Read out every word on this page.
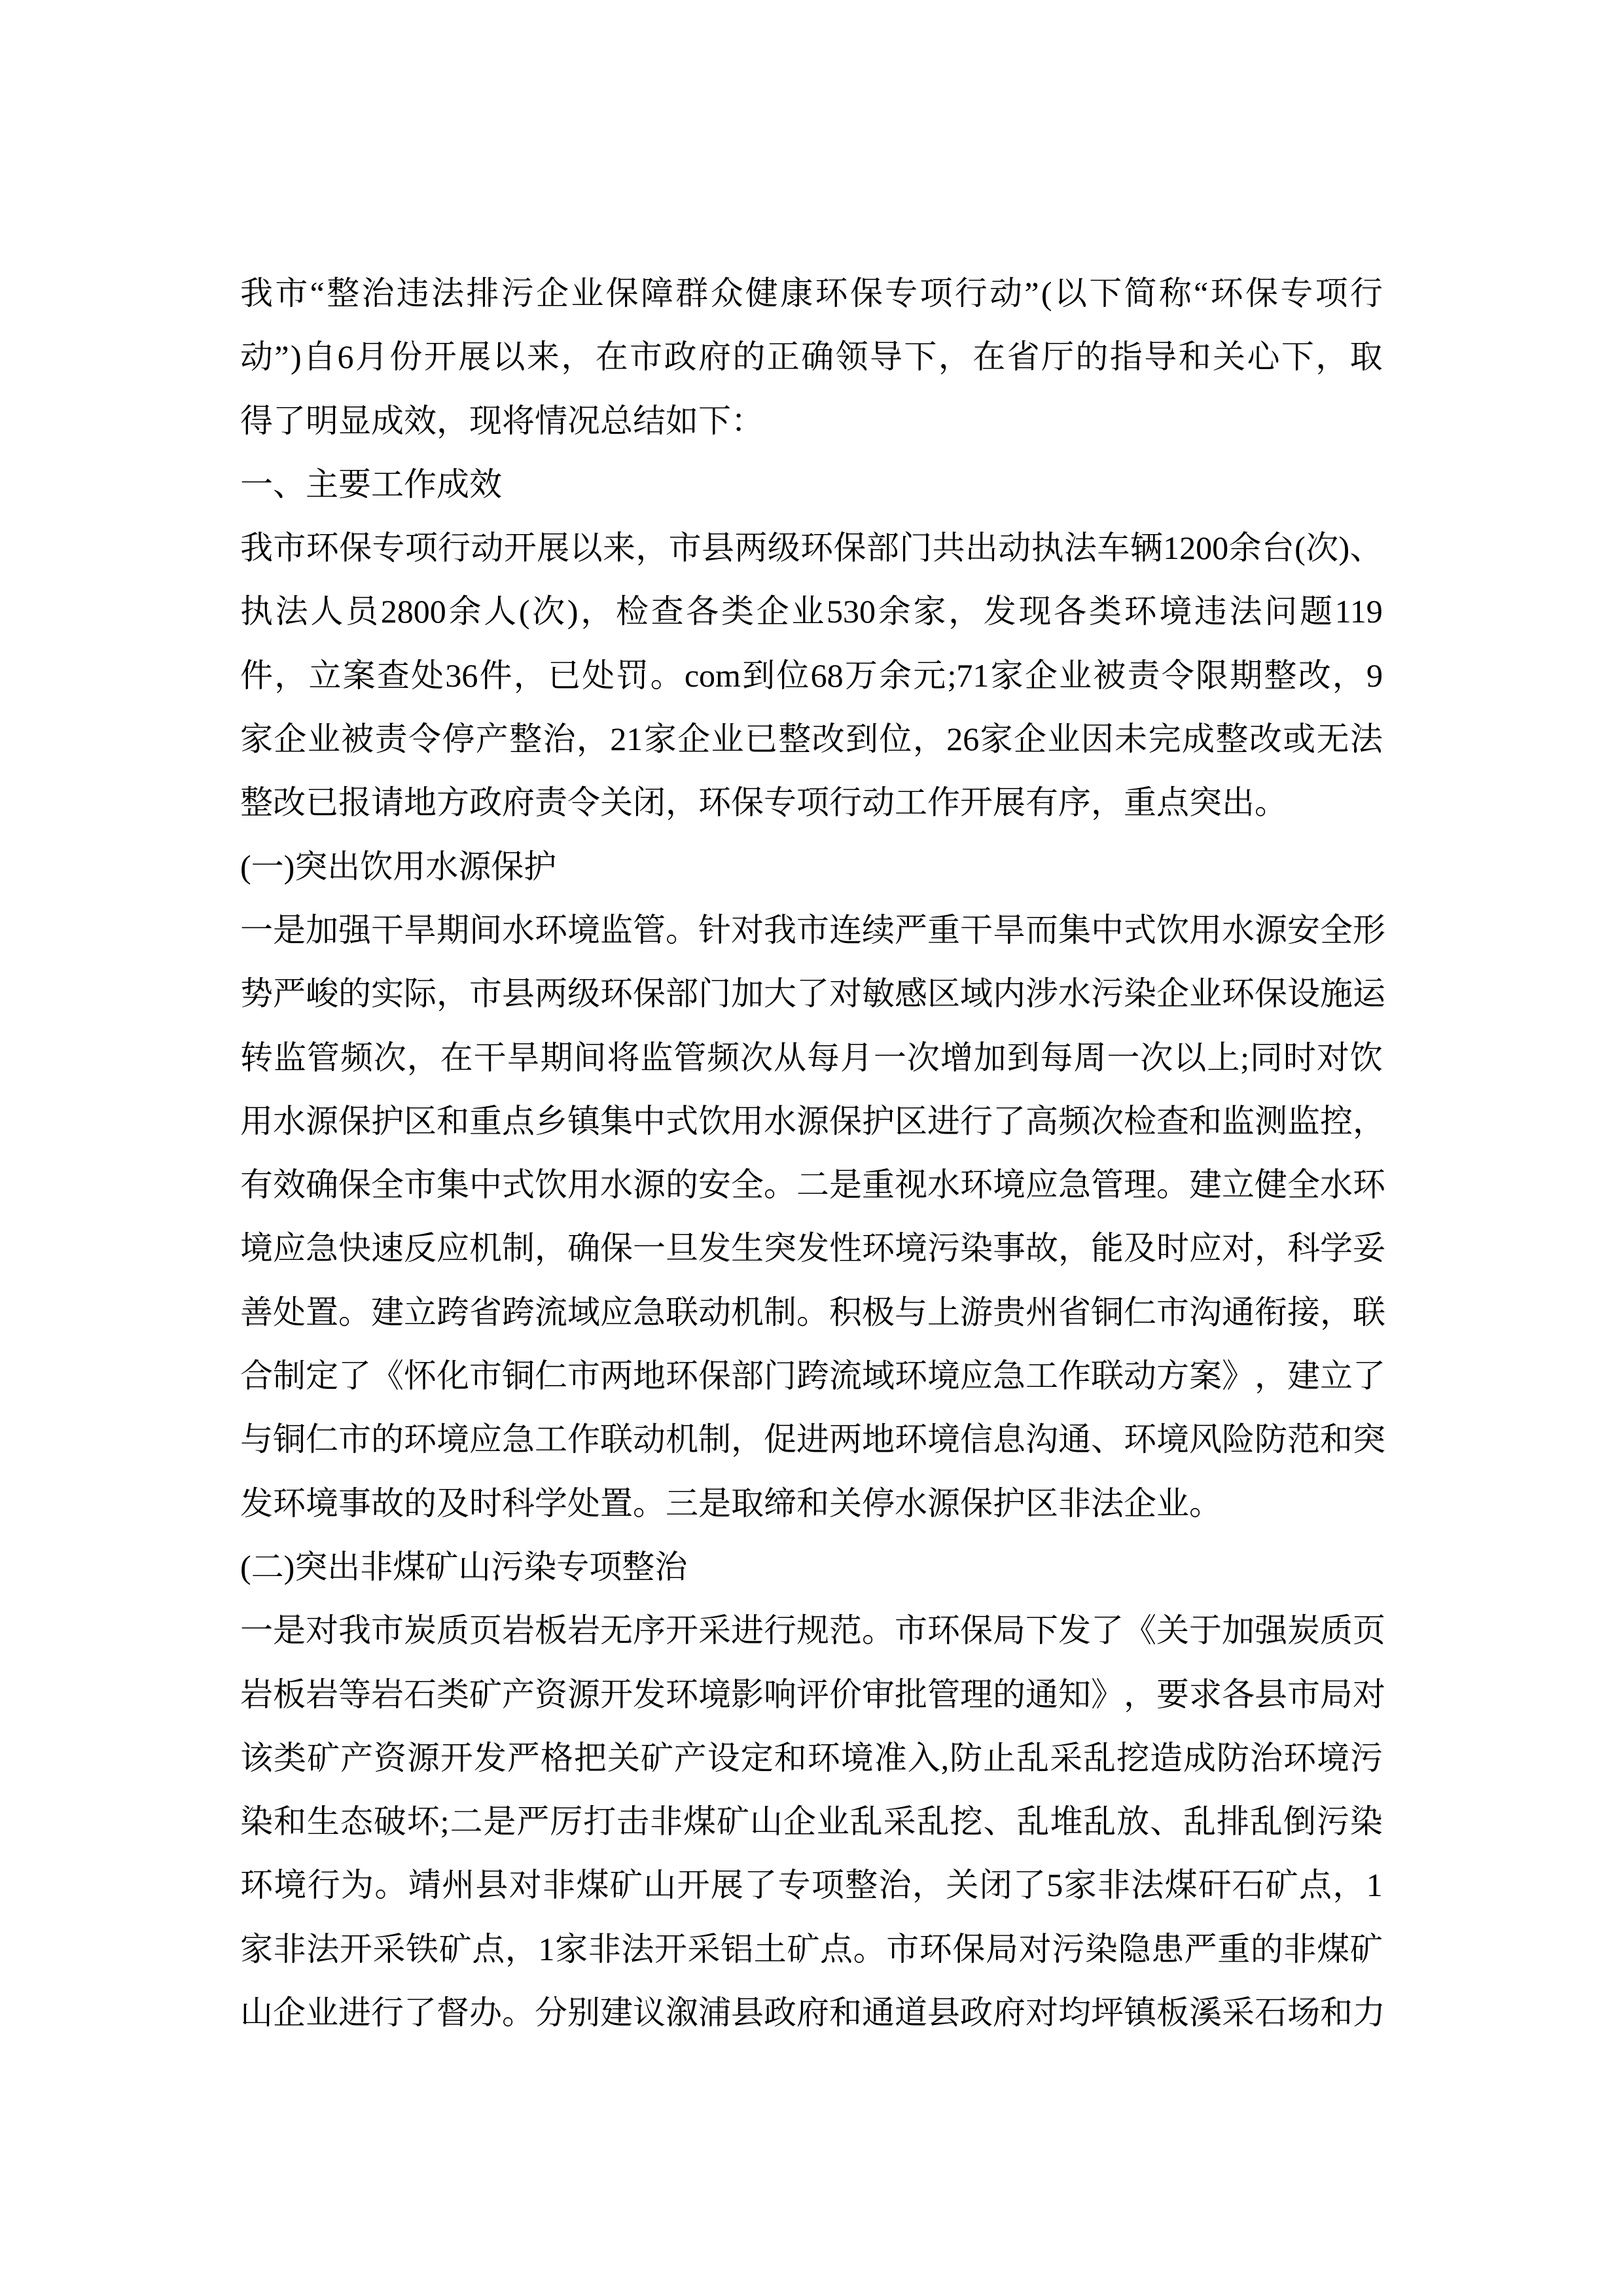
我 市 “ 整 治 违 法 排 污 企 业 保 障 群 众 健 康 环 保 专 项 行 动 ” ( 以 下 简 称 “ 环 保 专 项 行
动 ” ) 自 6 月 份 开 展 以 来 ， 在 市 政 府 的 正 确 领 导 下 ， 在 省 厅 的 指 导 和 关 心 下 ， 取
得了明显成效，现将情况总结如下：
一、主要工作成效
我 市 环 保 专 项 行 动 开 展 以 来 ， 市 县 两 级 环 保 部 门 共 出 动 执 法 车 辆 1200 余 台 ( 次 ) 、
执 法 人 员 2800 余 人 ( 次 ) ， 检 查 各 类 企 业 530 余 家 ， 发 现 各 类 环 境 违 法 问 题 119
件 ， 立 案 查 处 36 件 ， 已 处 罚 。 com 到 位 68 万 余 元 ;71 家 企 业 被 责 令 限 期 整 改 ， 9
家 企 业 被 责 令 停 产 整 治 ， 21 家 企 业 已 整 改 到 位 ， 26 家 企 业 因 未 完 成 整 改 或 无 法
整改已报请地方政府责令关闭，环保专项行动工作开展有序，重点突出。
(一)突出饮用水源保护
一 是 加 强 干 旱 期 间 水 环 境 监 管 。 针 对 我 市 连 续 严 重 干 旱 而 集 中 式 饮 用 水 源 安 全 形
势 严 峻 的 实 际 ， 市 县 两 级 环 保 部 门 加 大 了 对 敏 感 区 域 内 涉 水 污 染 企 业 环 保 设 施 运
转 监 管 频 次 ， 在 干 旱 期 间 将 监 管 频 次 从 每 月 一 次 增 加 到 每 周 一 次 以 上 ; 同 时 对 饮
用 水 源 保 护 区 和 重 点 乡 镇 集 中 式 饮 用 水 源 保 护 区 进 行 了 高 频 次 检 查 和 监 测 监 控 ，
有 效 确 保 全 市 集 中 式 饮 用 水 源 的 安 全 。 二 是 重 视 水 环 境 应 急 管 理 。 建 立 健 全 水 环
境 应 急 快 速 反 应 机 制 ， 确 保 一 旦 发 生 突 发 性 环 境 污 染 事 故 ， 能 及 时 应 对 ， 科 学 妥
善 处 置 。 建 立 跨 省 跨 流 域 应 急 联 动 机 制 。 积 极 与 上 游 贵 州 省 铜 仁 市 沟 通 衔 接 ， 联
合 制 定 了 《 怀 化 市 铜 仁 市 两 地 环 保 部 门 跨 流 域 环 境 应 急 工 作 联 动 方 案 》 ， 建 立 了
与 铜 仁 市 的 环 境 应 急 工 作 联 动 机 制 ， 促 进 两 地 环 境 信 息 沟 通 、 环 境 风 险 防 范 和 突
发环境事故的及时科学处置。三是取缔和关停水源保护区非法企业。
(二)突出非煤矿山污染专项整治
一 是 对 我 市 炭 质 页 岩 板 岩 无 序 开 采 进 行 规 范 。 市 环 保 局 下 发 了 《 关 于 加 强 炭 质 页
岩 板 岩 等 岩 石 类 矿 产 资 源 开 发 环 境 影 响 评 价 审 批 管 理 的 通 知 》 ， 要 求 各 县 市 局 对
该 类 矿 产 资 源 开 发 严 格 把 关 矿 产 设 定 和 环 境 准 入 , 防 止 乱 采 乱 挖 造 成 防 治 环 境 污
染 和 生 态 破 坏 ; 二 是 严 厉 打 击 非 煤 矿 山 企 业 乱 采 乱 挖 、 乱 堆 乱 放 、 乱 排 乱 倒 污 染
环 境 行 为 。 靖 州 县 对 非 煤 矿 山 开 展 了 专 项 整 治 ， 关 闭 了 5 家 非 法 煤 矸 石 矿 点 ， 1
家 非 法 开 采 铁 矿 点 ， 1 家 非 法 开 采 铝 土 矿 点 。 市 环 保 局 对 污 染 隐 患 严 重 的 非 煤 矿
山 企 业 进 行 了 督 办 。 分 别 建 议 溆 浦 县 政 府 和 通 道 县 政 府 对 均 坪 镇 板 溪 采 石 场 和 力
